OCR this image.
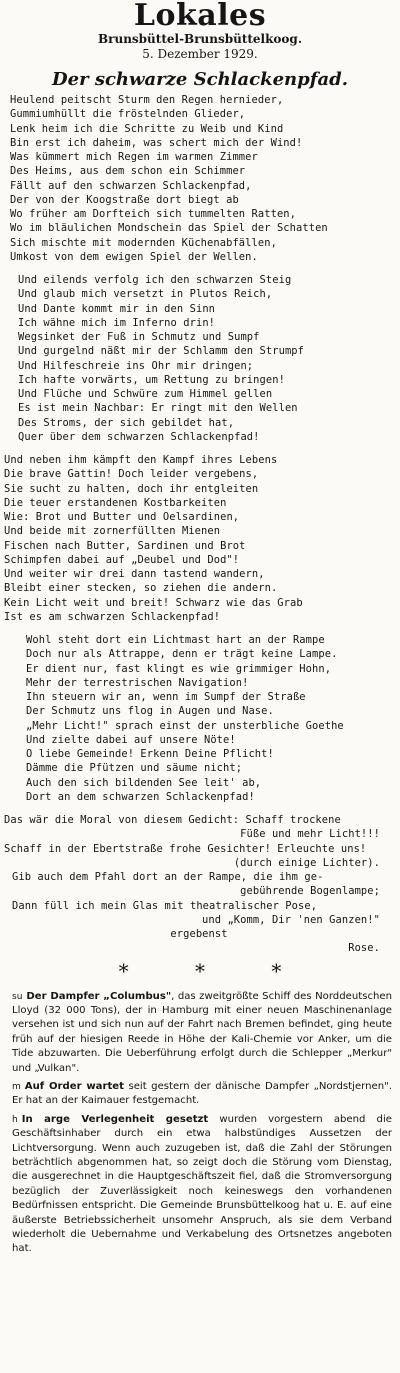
Lokales
Brunsbüttel-Brunsbüttelkoog.
5. Dezember 1929.
Der schwarze Schlackenpfad.
Heulend peitscht Sturm den Regen hernieder,
Gummiumhüllt die fröstelnden Glieder,
Lenk heim ich die Schritte zu Weib und Kind
Bin erst ich daheim, was schert mich der Wind!
Was kümmert mich Regen im warmen Zimmer
Des Heims, aus dem schon ein Schimmer
Fällt auf den schwarzen Schlackenpfad,
Der von der Koogstraße dort biegt ab
Wo früher am Dorfteich sich tummelten Ratten,
Wo im bläulichen Mondschein das Spiel der Schatten
Sich mischte mit modernden Küchenabfällen,
Umkost von dem ewigen Spiel der Wellen.
Und eilends verfolg ich den schwarzen Steig
Und glaub mich versetzt in Plutos Reich,
Und Dante kommt mir in den Sinn
Ich wähne mich im Inferno drin!
Wegsinket der Fuß in Schmutz und Sumpf
Und gurgelnd näßt mir der Schlamm den Strumpf
Und Hilfeschreie ins Ohr mir dringen;
Ich hafte vorwärts, um Rettung zu bringen!
Und Flüche und Schwüre zum Himmel gellen
Es ist mein Nachbar: Er ringt mit den Wellen
Des Stroms, der sich gebildet hat,
Quer über dem schwarzen Schlackenpfad!
Und neben ihm kämpft den Kampf ihres Lebens
Die brave Gattin! Doch leider vergebens,
Sie sucht zu halten, doch ihr entgleiten
Die teuer erstandenen Kostbarkeiten
Wie: Brot und Butter und Oelsardinen,
Und beide mit zornerfüllten Mienen
Fischen nach Butter, Sardinen und Brot
Schimpfen dabei auf „Deubel und Dod"!
Und weiter wir drei dann tastend wandern,
Bleibt einer stecken, so ziehen die andern.
Kein Licht weit und breit! Schwarz wie das Grab
Ist es am schwarzen Schlackenpfad!
Wohl steht dort ein Lichtmast hart an der Rampe
Doch nur als Attrappe, denn er trägt keine Lampe.
Er dient nur, fast klingt es wie grimmiger Hohn,
Mehr der terrestrischen Navigation!
Ihn steuern wir an, wenn im Sumpf der Straße
Der Schmutz uns flog in Augen und Nase.
„Mehr Licht!" sprach einst der unsterbliche Goethe
Und zielte dabei auf unsere Nöte!
O liebe Gemeinde! Erkenn Deine Pflicht!
Dämme die Pfützen und säume nicht;
Auch den sich bildenden See leit' ab,
Dort an dem schwarzen Schlackenpfad!
Das wär die Moral von diesem Gedicht: Schaff trockene
Füße und mehr Licht!!!
Schaff in der Ebertstraße frohe Gesichter! Erleuchte uns!
(durch einige Lichter).
Gib auch dem Pfahl dort an der Rampe, die ihm ge-
gebührende Bogenlampe;
Dann füll ich mein Glas mit theatralischer Pose,
und „Komm, Dir 'nen Ganzen!"
ergebenst
Rose.
* * *
su Der Dampfer „Columbus", das zweitgrößte Schiff des Norddeutschen Lloyd (32 000 Tons), der in Hamburg mit einer neuen Maschinenanlage versehen ist und sich nun auf der Fahrt nach Bremen befindet, ging heute früh auf der hiesigen Reede in Höhe der Kali-Chemie vor Anker, um die Tide abzuwarten. Die Ueberführung erfolgt durch die Schlepper „Merkur" und „Vulkan".
m Auf Order wartet seit gestern der dänische Dampfer „Nordstjernen". Er hat an der Kaimauer festgemacht.
h In arge Verlegenheit gesetzt wurden vorgestern abend die Geschäftsinhaber durch ein etwa halbstündiges Aussetzen der Lichtversorgung. Wenn auch zuzugeben ist, daß die Zahl der Störungen beträchtlich abgenommen hat, so zeigt doch die Störung vom Dienstag, die ausgerechnet in die Hauptgeschäftszeit fiel, daß die Stromversorgung bezüglich der Zuverlässigkeit noch keineswegs den vorhandenen Bedürfnissen entspricht. Die Gemeinde Brunsbüttelkoog hat u. E. auf eine äußerste Betriebssicherheit unsomehr Anspruch, als sie dem Verband wiederholt die Uebernahme und Verkabelung des Ortsnetzes angeboten hat.
